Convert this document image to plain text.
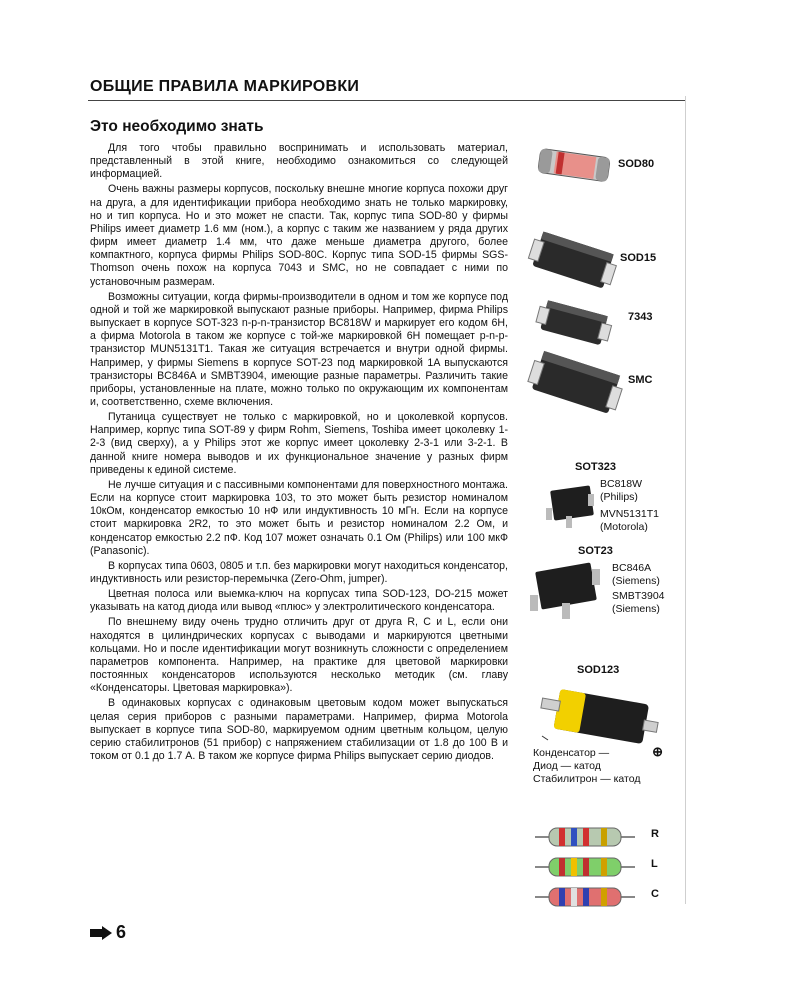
ОБЩИЕ ПРАВИЛА МАРКИРОВКИ
Это необходимо знать

Для того чтобы правильно воспринимать и использовать материал, представленный в этой книге, необходимо ознакомиться со следующей информацией.

Очень важны размеры корпусов, поскольку внешне многие корпуса похожи друг на друга, а для идентификации прибора необходимо знать не только маркировку, но и тип корпуса. Но и это может не спасти. Так, корпус типа SOD-80 у фирмы Philips имеет диаметр 1.6 мм (ном.), а корпус с таким же названием у ряда других фирм имеет диаметр 1.4 мм, что даже меньше диаметра другого, более компактного, корпуса фирмы Philips SOD-80C. Корпус типа SOD-15 фирмы SGS-Thomson очень похож на корпуса 7043 и SMC, но не совпадает с ними по установочным размерам.

Возможны ситуации, когда фирмы-производители в одном и том же корпусе под одной и той же маркировкой выпускают разные приборы. Например, фирма Philips выпускает в корпусе SOT-323 n-p-n-транзистор BC818W и маркирует его кодом 6H, а фирма Motorola в таком же корпусе с той-же маркировкой 6H помещает p-n-p-транзистор MUN5131T1. Такая же ситуация встречается и внутри одной фирмы. Например, у фирмы Siemens в корпусе SOT-23 под маркировкой 1A выпускаются транзисторы BC846A и SMBT3904, имеющие разные параметры. Различить такие приборы, установленные на плате, можно только по окружающим их компонентам и, соответственно, схеме включения.

Путаница существует не только с маркировкой, но и цоколевкой корпусов. Например, корпус типа SOT-89 у фирм Rohm, Siemens, Toshiba имеет цоколевку 1-2-3 (вид сверху), а у Philips этот же корпус имеет цоколевку 2-3-1 или 3-2-1. В данной книге номера выводов и их функциональное значение у разных фирм приведены к единой системе.

Не лучше ситуация и с пассивными компонентами для поверхностного монтажа. Если на корпусе стоит маркировка 103, то это может быть резистор номиналом 10кОм, конденсатор емкостью 10 нФ или индуктивность 10 мГн. Если на корпусе стоит маркировка 2R2, то это может быть и резистор номиналом 2.2 Ом, и конденсатор емкостью 2.2 пФ. Код 107 может означать 0.1 Ом (Philips) или 100 мкФ (Panasonic).

В корпусах типа 0603, 0805 и т.п. без маркировки могут находиться конденсатор, индуктивность или резистор-перемычка (Zero-Ohm, jumper).

Цветная полоса или выемка-ключ на корпусах типа SOD-123, DO-215 может указывать на катод диода или вывод «плюс» у электролитического конденсатора.

По внешнему виду очень трудно отличить друг от друга R, C и L, если они находятся в цилиндрических корпусах с выводами и маркируются цветными кольцами. Но и после идентификации могут возникнуть сложности с определением параметров компонента. Например, на практике для цветовой маркировки постоянных конденсаторов используются несколько методик (см. главу «Конденсаторы. Цветовая маркировка»).

В одинаковых корпусах с одинаковым цветовым кодом может выпускаться целая серия приборов с разными параметрами. Например, фирма Motorola выпускает в корпусе типа SOD-80, маркируемом одним цветным кольцом, целую серию стабилитронов (51 прибор) с напряжением стабилизации от 1.8 до 100 В и током от 0.1 до 1.7 А. В таком же корпусе фирма Philips выпускает серию диодов.

SOD80
SOD15
7343
SMC
SOT323
BC818W
(Philips)
MVN5131T1
(Motorola)
SOT23
BC846A
(Siemens)
SMBT3904
(Siemens)
SOD123
Конденсатор —	⊕
Диод — катод
Стабилитрон — катод
R
L
C
6
